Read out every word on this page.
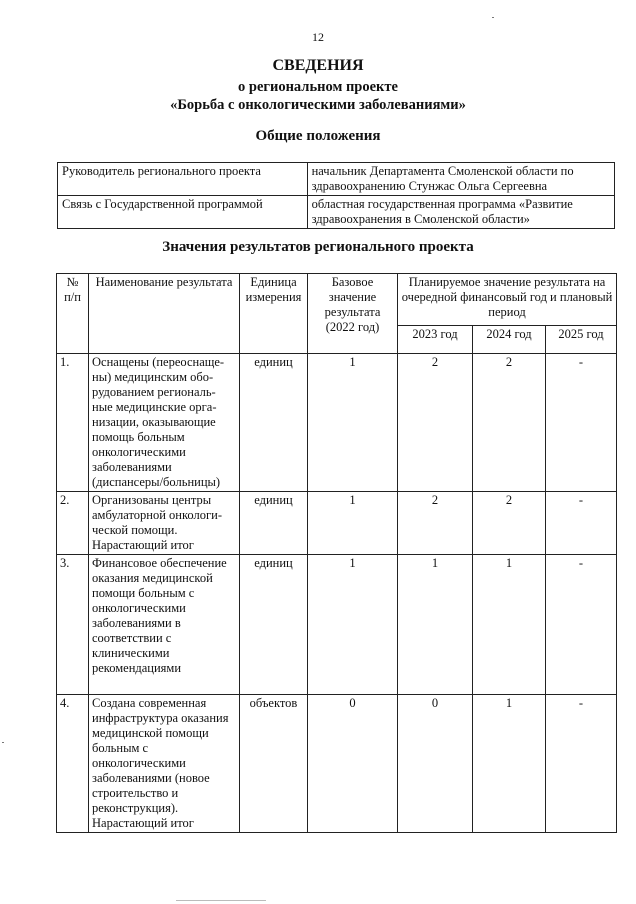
12
СВЕДЕНИЯ
о региональном проекте
«Борьба с онкологическими заболеваниями»
Общие положения
Руководитель регионального проекта	начальник Департамента Смоленской области по здравоохранению Стунжас Ольга Сергеевна
Связь с Государственной программой	областная государственная программа «Развитие здравоохранения в Смоленской области»
Значения результатов регионального проекта
№ п/п	Наименование результата	Единица измерения	Базовое значение результата (2022 год)	Планируемое значение результата на очередной финансовый год и плановый период		
				2023 год	2024 год	2025 год
1.	Оснащены (переоснаще-ны) медицинским обо-рудованием региональ-ные медицинские орга-низации, оказывающие помощь больным онкологическими заболеваниями (диспансеры/больницы)	единиц	1	2	2	-
2.	Организованы центры амбулаторной онкологи-ческой помощи. Нарастающий итог	единиц	1	2	2	-
3.	Финансовое обеспечение оказания медицинской помощи больным с онкологическими заболеваниями в соответствии с клиническими рекомендациями	единиц	1	1	1	-
4.	Создана современная инфраструктура оказания медицинской помощи больным с онкологическими заболеваниями (новое строительство и реконструкция). Нарастающий итог	объектов	0	0	1	-
